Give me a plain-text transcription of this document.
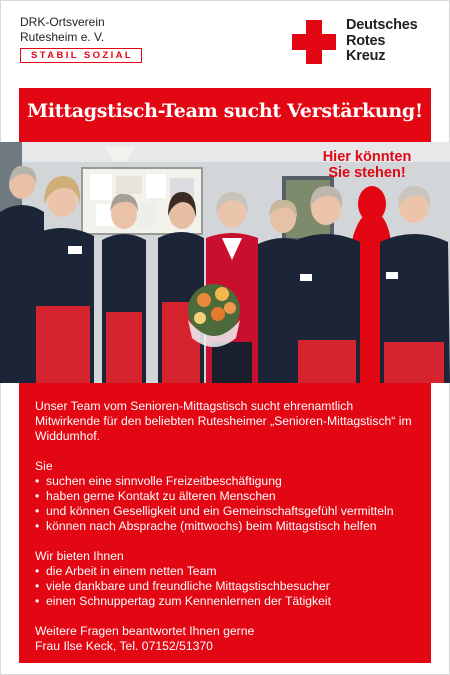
DRK-Ortsverein
Rutesheim e. V.
STABIL SOZIAL
Deutsches
Rotes
Kreuz
Mittagstisch-Team sucht Verstärkung!
Hier könnten
Sie stehen!

Unser Team vom Senioren-Mittagstisch sucht ehrenamtlich Mitwirkende für den beliebten Rutesheimer „Senioren-Mittagstisch“ im Widdumhof.

Sie

• suchen eine sinnvolle Freizeitbeschäftigung
• haben gerne Kontakt zu älteren Menschen
• und können Geselligkeit und ein Gemeinschaftsgefühl vermitteln
• können nach Absprache (mittwochs) beim Mittagstisch helfen

Wir bieten Ihnen

• die Arbeit in einem netten Team
• viele dankbare und freundliche Mittagstischbesucher
• einen Schnuppertag zum Kennenlernen der Tätigkeit

Weitere Fragen beantwortet Ihnen gerne
Frau Ilse Keck, Tel. 07152/51370
